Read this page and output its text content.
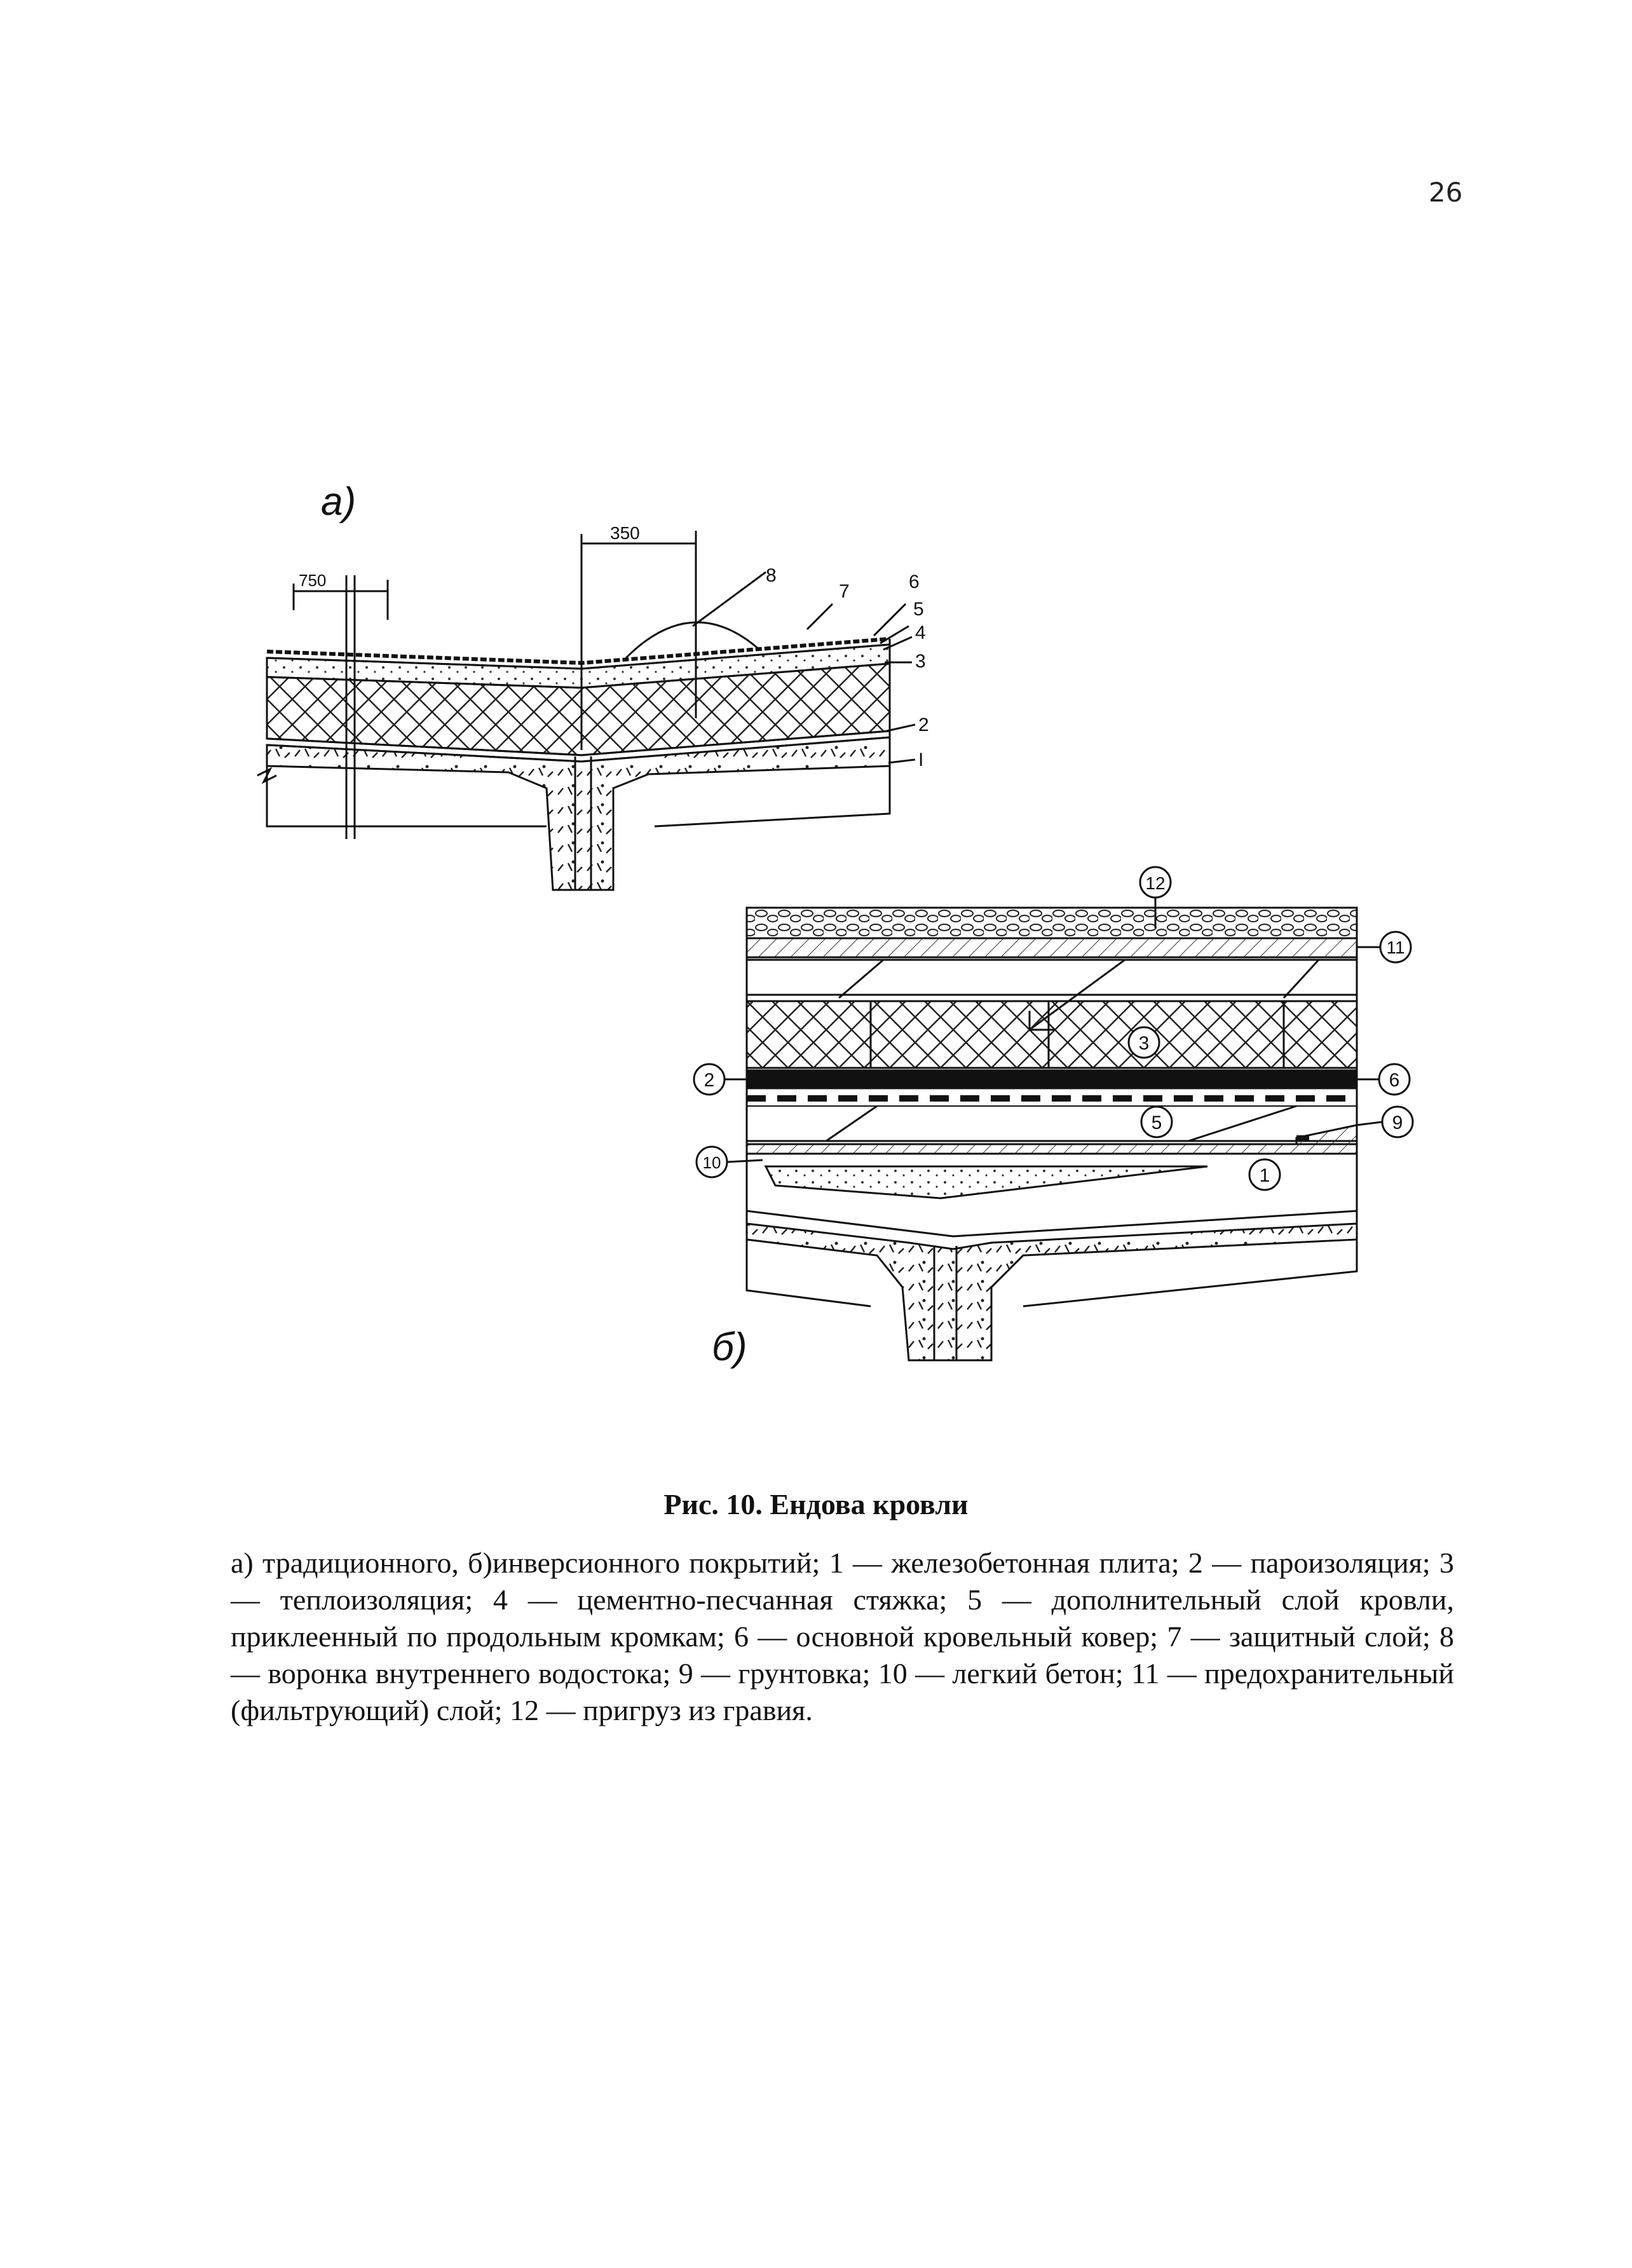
26
а)
750
350
8
7	6
5
4
3
2
I
12
11
3
2	6
5	9
10
1
б)
Рис. 10. Ендова кровли
а) традиционного, б)инверсионного покрытий; 1 — железобетонная плита; 2 — пароизоляция; 3 — теплоизоляция; 4 — цементно-песчанная стяжка; 5 — дополнительный слой кровли, приклеенный по продольным кромкам; 6 — основной кровельный ковер; 7 — защитный слой; 8 — воронка внутреннего водостока; 9 — грунтовка; 10 — легкий бетон; 11 — предохранительный (фильтрующий) слой; 12 — пригруз из гравия.
